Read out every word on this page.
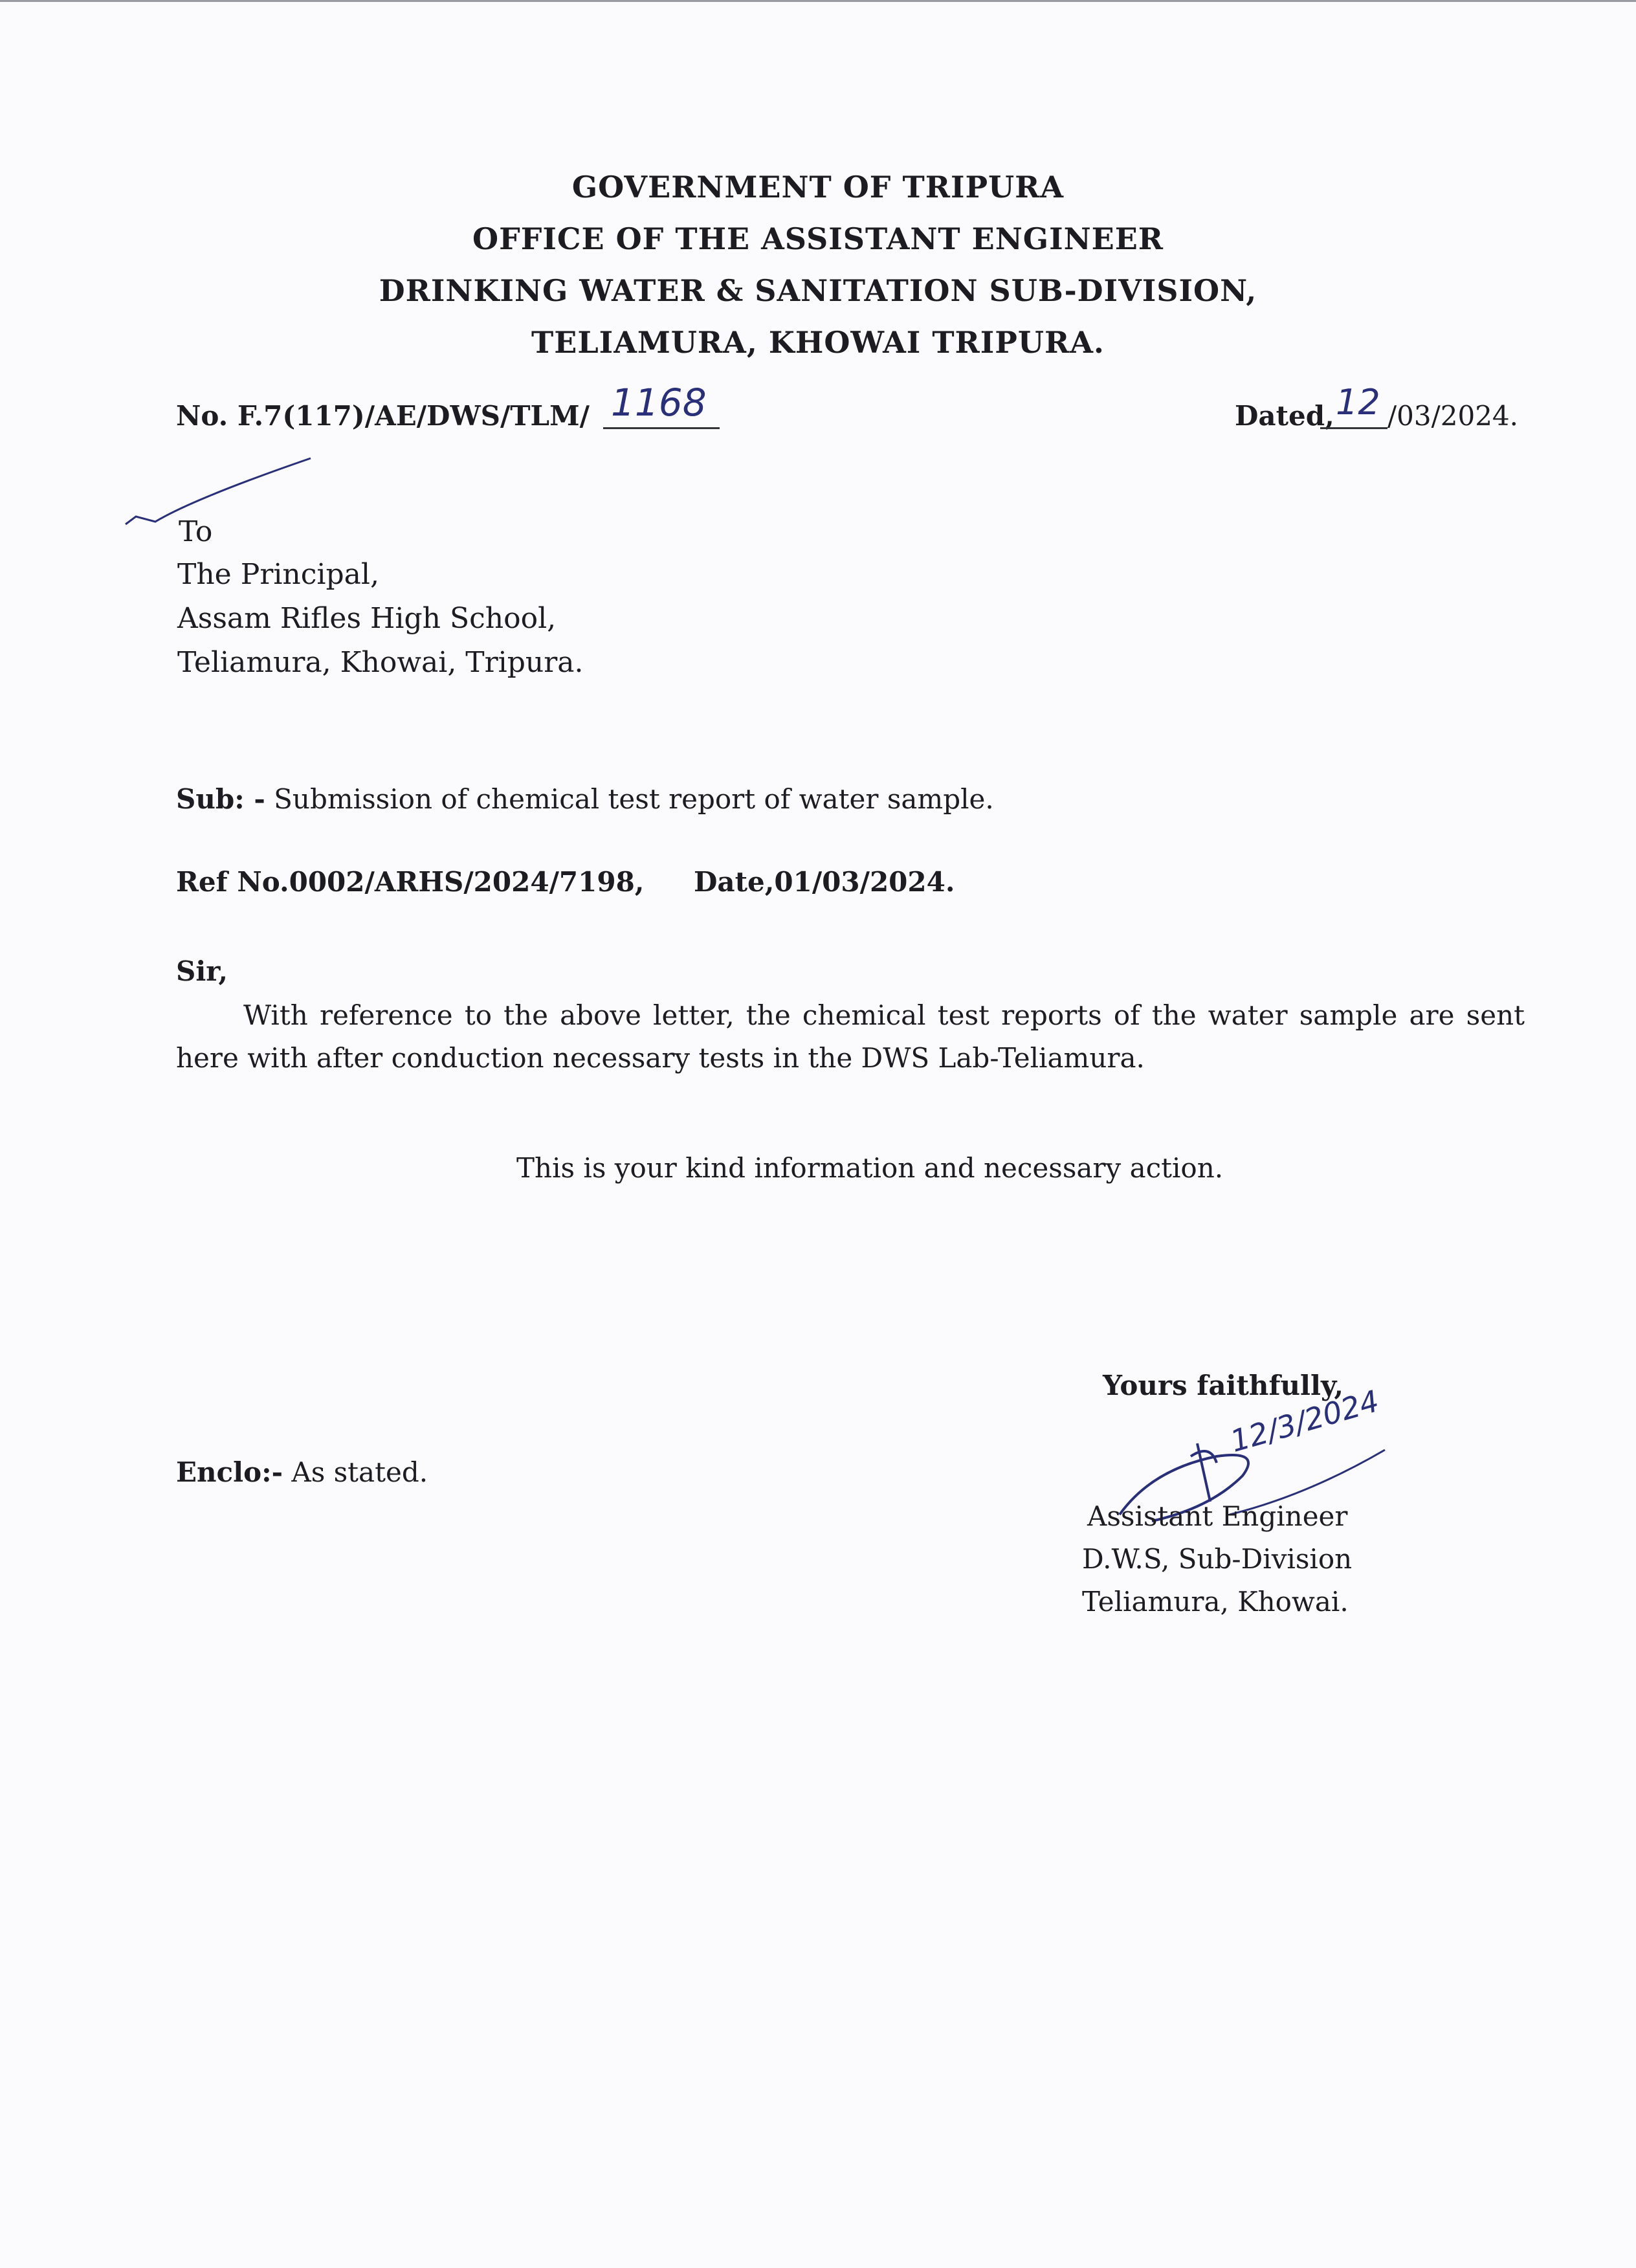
GOVERNMENT OF TRIPURA
OFFICE OF THE ASSISTANT ENGINEER
DRINKING WATER & SANITATION SUB-DIVISION,
TELIAMURA, KHOWAI TRIPURA.
No. F.7(117)/AE/DWS/TLM/ 1168	Dated, 12 /03/2024.
To
The Principal,
Assam Rifles High School,
Teliamura, Khowai, Tripura.
Sub: - Submission of chemical test report of water sample.
Ref No.0002/ARHS/2024/7198, Date,01/03/2024.
Sir,
With reference to the above letter, the chemical test reports of the water sample are sent here with after conduction necessary tests in the DWS Lab-Teliamura.
This is your kind information and necessary action.
Yours faithfully,
Enclo:- As stated.
12/3/2024
Assistant Engineer
D.W.S, Sub-Division
Teliamura, Khowai.
